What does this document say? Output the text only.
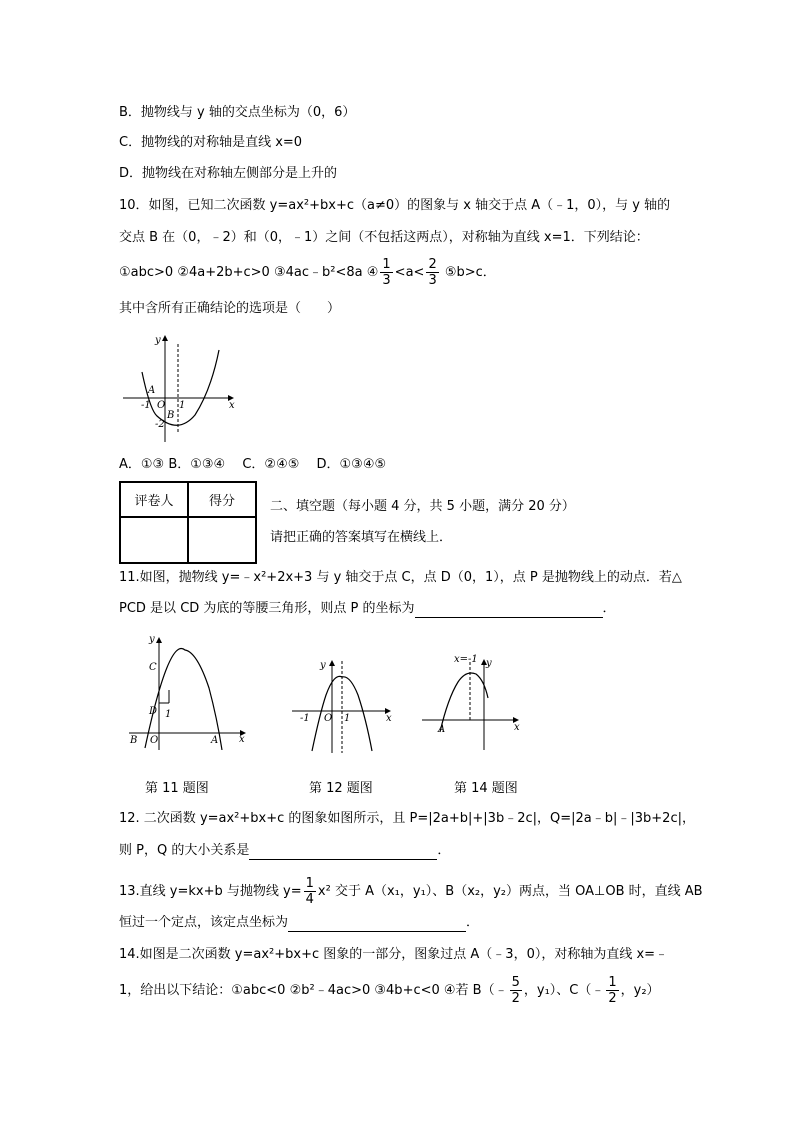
B．抛物线与 y 轴的交点坐标为（0，6）
C．抛物线的对称轴是直线 x=0
D．抛物线在对称轴左侧部分是上升的
10．如图，已知二次函数 y=ax²+bx+c（a≠0）的图象与 x 轴交于点 A（﹣1，0），与 y 轴的
交点 B 在（0，﹣2）和（0，﹣1）之间（不包括这两点），对称轴为直线 x=1．下列结论：
①abc>0 ②4a+2b+c>0 ③4ac﹣b²<8a ④ $\frac{1}{3} <a< \frac{2}{3}$ ⑤b>c．
其中含所有正确结论的选项是（　　）
y
x
A
O
B
-1	1
-2
A．①③ B．①③④ 　C．②④⑤ 　D．①③④⑤
评卷人	得分
		二、填空题（每小题 4 分，共 5 小题，满分 20 分）
请把正确的答案填写在横线上．
11.如图，抛物线 y=﹣x²+2x+3 与 y 轴交于点 C，点 D（0，1），点 P 是抛物线上的动点．若△
PCD 是以 CD 为底的等腰三角形，则点 P 的坐标为	．
y
x
C
D 1
B O	A
y
x
-1 O 1
x=-1 y
x
A
第 11 题图	第 12 题图	第 14 题图
12. 二次函数 y=ax²+bx+c 的图象如图所示，且 P=|2a+b|+|3b﹣2c|，Q=|2a﹣b|﹣|3b+2c|，
则 P，Q 的大小关系是	．
13.直线 y=kx+b 与抛物线 $y= \frac{1}{4} x^2$ 交于 A（x₁，y₁）、B（x₂，y₂）两点，当 OA⊥OB 时，直线 AB
恒过一个定点，该定点坐标为	．
14.如图是二次函数 y=ax²+bx+c 图象的一部分，图象过点 A（﹣3，0），对称轴为直线 x=﹣
1，给出以下结论：①abc<0 ②b²﹣4ac>0 ③4b+c<0 ④若 B（﹣ $\frac{5}{2}$ ，y₁）、C（﹣ $\frac{1}{2}$ ，y₂）
